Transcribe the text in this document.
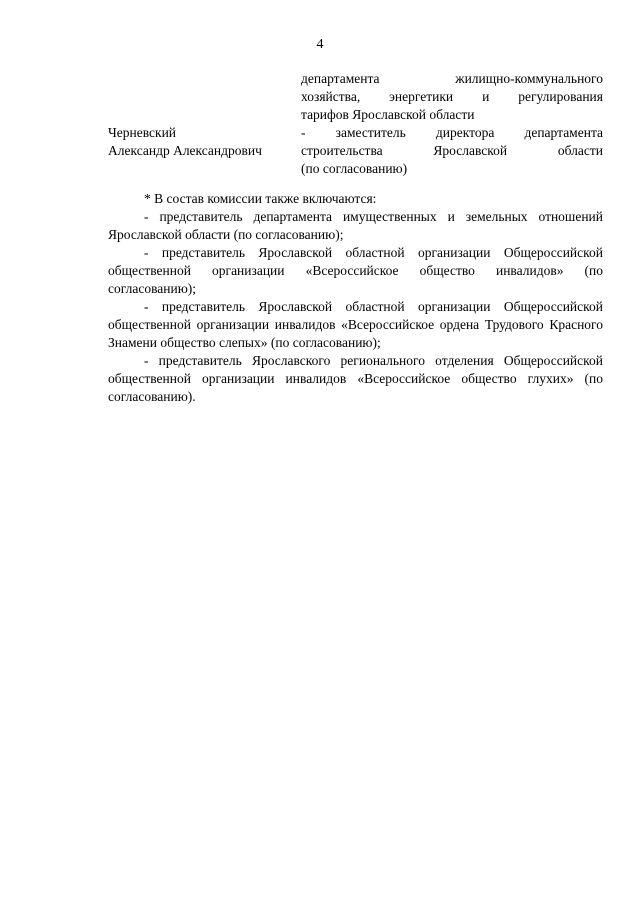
4
департамента жилищно-коммунального
хозяйства, энергетики и регулирования
тарифов Ярославской области
Черневский
Александр Александрович
- заместитель директора департамента
строительства Ярославской области
(по согласованию)

* В состав комиссии также включаются:

- представитель департамента имущественных и земельных отношений Ярославской области (по согласованию);

- представитель Ярославской областной организации Общероссийской общественной организации «Всероссийское общество инвалидов» (по согласованию);

- представитель Ярославской областной организации Общероссийской общественной организации инвалидов «Всероссийское ордена Трудового Красного Знамени общество слепых» (по согласованию);

- представитель Ярославского регионального отделения Общероссийской общественной организации инвалидов «Всероссийское общество глухих» (по согласованию).
